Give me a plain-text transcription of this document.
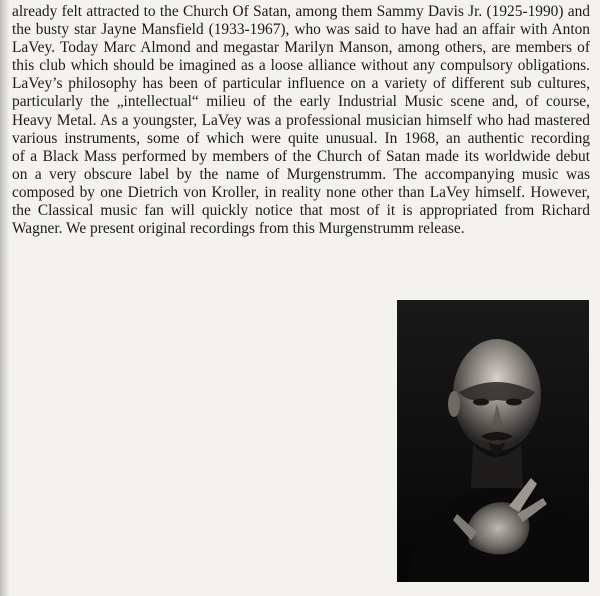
already felt attracted to the Church Of Satan, among them Sammy Davis Jr. (1925-1990) and
the busty star Jayne Mansfield (1933-1967), who was said to have had an affair with Anton
LaVey. Today Marc Almond and megastar Marilyn Manson, among others, are members of
this club which should be imagined as a loose alliance without any compulsory obligations.
LaVey’s philosophy has been of particular influence on a variety of different sub cultures,
particularly the „intellectual“ milieu of the early Industrial Music scene and, of course,
Heavy Metal. As a youngster, LaVey was a professional musician himself who had mastered
various instruments, some of which were quite unusual. In 1968, an authentic recording
of a Black Mass performed by members of the Church of Satan made its worldwide debut
on a very obscure label by the name of Murgenstrumm. The accompanying music was
composed by one Dietrich von Kroller, in reality none other than LaVey himself. However,
the Classical music fan will quickly notice that most of it is appropriated from Richard
Wagner. We present original recordings from this Murgenstrumm release.
